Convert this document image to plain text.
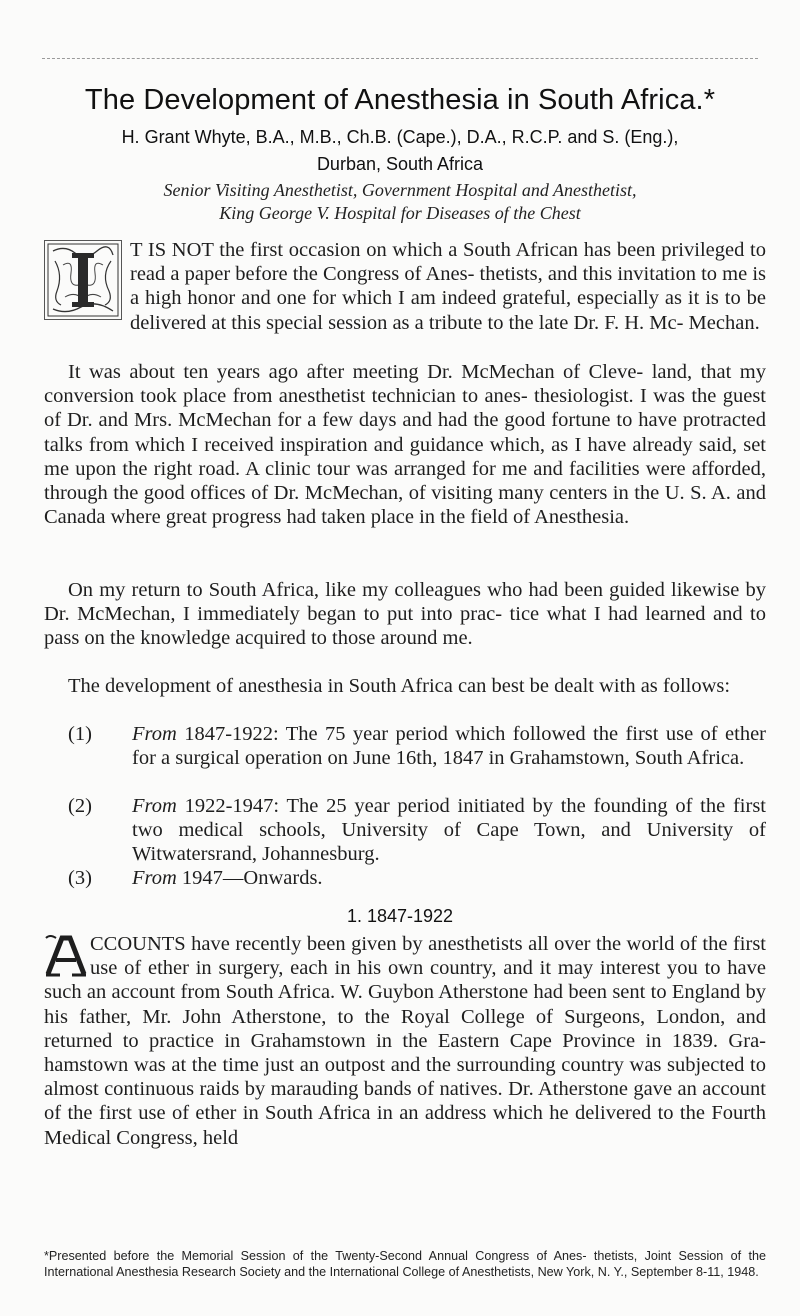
The Development of Anesthesia in South Africa.*
H. Grant Whyte, B.A., M.B., Ch.B. (Cape.), D.A., R.C.P. and S. (Eng.),
Durban, South Africa
Senior Visiting Anesthetist, Government Hospital and Anesthetist,
King George V. Hospital for Diseases of the Chest

T IS NOT the first occasion on which a South African has been privileged to read a paper before the Congress of Anes- thetists, and this invitation to me is a high honor and one for which I am indeed grateful, especially as it is to be delivered at this special session as a tribute to the late Dr. F. H. Mc- Mechan.

It was about ten years ago after meeting Dr. McMechan of Cleve- land, that my conversion took place from anesthetist technician to anes- thesiologist. I was the guest of Dr. and Mrs. McMechan for a few days and had the good fortune to have protracted talks from which I received inspiration and guidance which, as I have already said, set me upon the right road. A clinic tour was arranged for me and facilities were afforded, through the good offices of Dr. McMechan, of visiting many centers in the U. S. A. and Canada where great progress had taken place in the field of Anesthesia.

On my return to South Africa, like my colleagues who had been guided likewise by Dr. McMechan, I immediately began to put into prac- tice what I had learned and to pass on the knowledge acquired to those around me.

The development of anesthesia in South Africa can best be dealt with as follows:

(1)	From 1847-1922: The 75 year period which followed the first use of ether for a surgical operation on June 16th, 1847 in Grahamstown, South Africa.
(2)	From 1922-1947: The 25 year period initiated by the founding of the first two medical schools, University of Cape Town, and University of Witwatersrand, Johannesburg.
(3)	From 1947—Onwards.
1. 1847-1922

CCOUNTS have recently been given by anesthetists all over the world of the first use of ether in surgery, each in his own country, and it may interest you to have such an account from South Africa. W. Guybon Atherstone had been sent to England by his father, Mr. John Atherstone, to the Royal College of Surgeons, London, and returned to practice in Grahamstown in the Eastern Cape Province in 1839. Gra- hamstown was at the time just an outpost and the surrounding country was subjected to almost continuous raids by marauding bands of natives. Dr. Atherstone gave an account of the first use of ether in South Africa in an address which he delivered to the Fourth Medical Congress, held

*Presented before the Memorial Session of the Twenty-Second Annual Congress of Anes- thetists, Joint Session of the International Anesthesia Research Society and the International College of Anesthetists, New York, N. Y., September 8-11, 1948.
